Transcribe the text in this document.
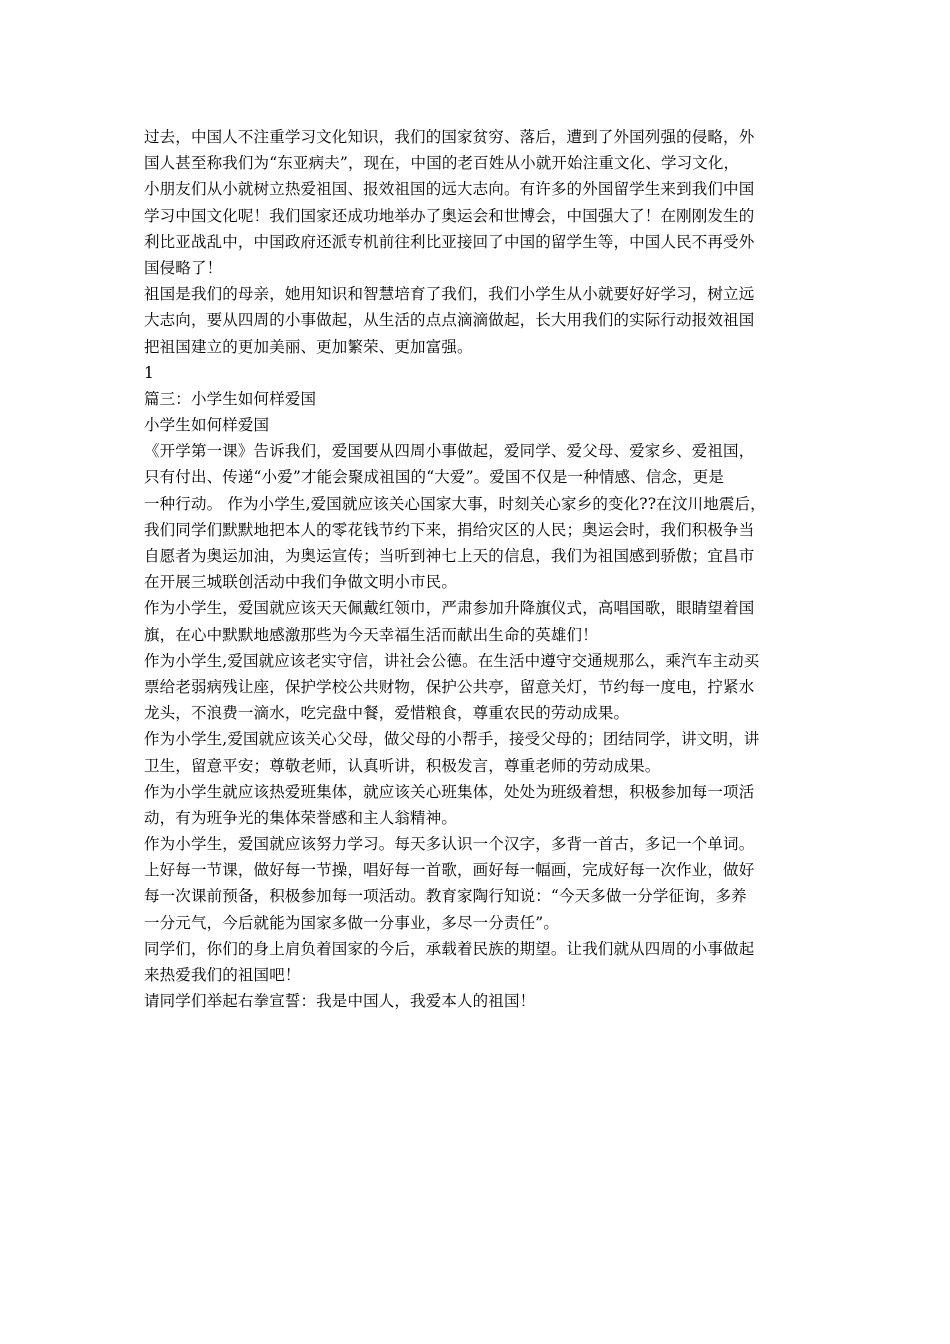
过去，中国人不注重学习文化知识，我们的国家贫穷、落后，遭到了外国列强的侵略，外
国人甚至称我们为“东亚病夫”，现在，中国的老百姓从小就开始注重文化、学习文化，
小朋友们从小就树立热爱祖国、报效祖国的远大志向。有许多的外国留学生来到我们中国
学习中国文化呢！我们国家还成功地举办了奥运会和世博会，中国强大了！在刚刚发生的
利比亚战乱中，中国政府还派专机前往利比亚接回了中国的留学生等，中国人民不再受外
国侵略了！
祖国是我们的母亲，她用知识和智慧培育了我们，我们小学生从小就要好好学习，树立远
大志向，要从四周的小事做起，从生活的点点滴滴做起，长大用我们的实际行动报效祖国
把祖国建立的更加美丽、更加繁荣、更加富强。
1
篇三：小学生如何样爱国
小学生如何样爱国
《开学第一课》告诉我们，爱国要从四周小事做起，爱同学、爱父母、爱家乡、爱祖国，
只有付出、传递“小爱”才能会聚成祖国的“大爱”。爱国不仅是一种情感、信念，更是
一种行动。 作为小学生,爱国就应该关心国家大事，时刻关心家乡的变化??在汶川地震后，
我们同学们默默地把本人的零花钱节约下来，捐给灾区的人民；奥运会时，我们积极争当
自愿者为奥运加油，为奥运宣传；当听到神七上天的信息，我们为祖国感到骄傲；宜昌市
在开展三城联创活动中我们争做文明小市民。
作为小学生，爱国就应该天天佩戴红领巾，严肃参加升降旗仪式，高唱国歌，眼睛望着国
旗，在心中默默地感激那些为今天幸福生活而献出生命的英雄们！
作为小学生,爱国就应该老实守信，讲社会公德。在生活中遵守交通规那么，乘汽车主动买
票给老弱病残让座，保护学校公共财物，保护公共亭，留意关灯，节约每一度电，拧紧水
龙头，不浪费一滴水，吃完盘中餐，爱惜粮食，尊重农民的劳动成果。
作为小学生,爱国就应该关心父母，做父母的小帮手，接受父母的；团结同学，讲文明，讲
卫生，留意平安；尊敬老师，认真听讲，积极发言，尊重老师的劳动成果。
作为小学生就应该热爱班集体，就应该关心班集体，处处为班级着想，积极参加每一项活
动，有为班争光的集体荣誉感和主人翁精神。
作为小学生，爱国就应该努力学习。每天多认识一个汉字，多背一首古，多记一个单词。
上好每一节课，做好每一节操，唱好每一首歌，画好每一幅画，完成好每一次作业，做好
每一次课前预备，积极参加每一项活动。教育家陶行知说：“今天多做一分学征询，多养
一分元气，今后就能为国家多做一分事业，多尽一分责任”。
同学们，你们的身上肩负着国家的今后，承载着民族的期望。让我们就从四周的小事做起
来热爱我们的祖国吧！
请同学们举起右拳宣誓：我是中国人，我爱本人的祖国！
